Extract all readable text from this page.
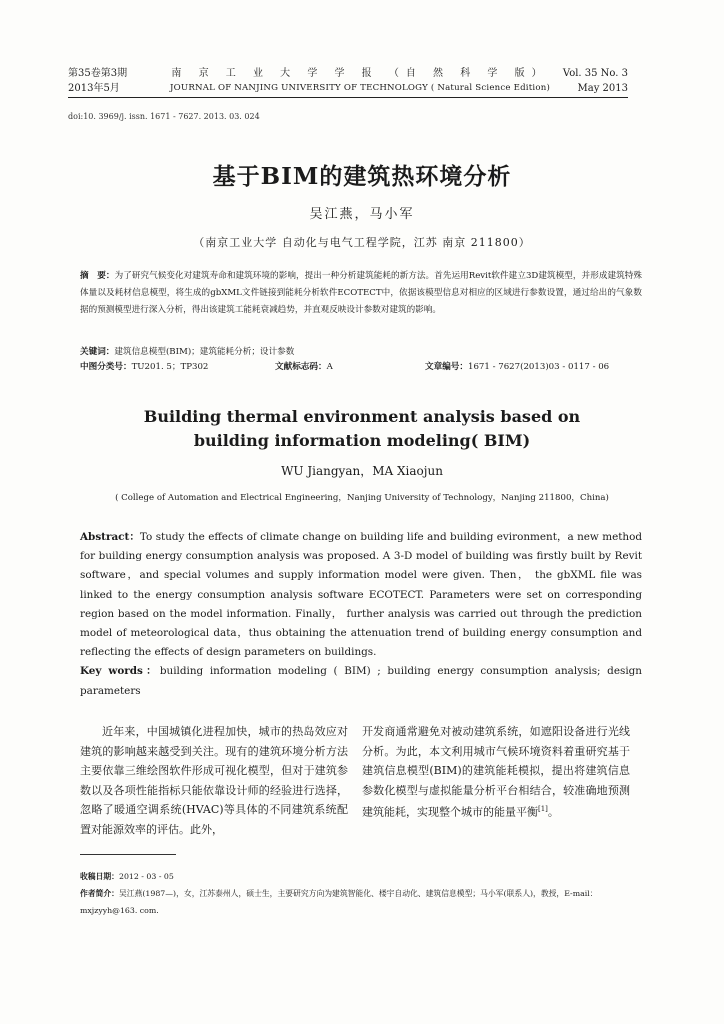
第35卷第3期
2013年5月
南 京 工 业 大 学 学 报 （自 然 科 学 版）
JOURNAL OF NANJING UNIVERSITY OF TECHNOLOGY ( Natural Science Edition)
Vol. 35 No. 3
May 2013
doi:10. 3969/j. issn. 1671 - 7627. 2013. 03. 024
基于BIM的建筑热环境分析
吴江燕，马小军
（南京工业大学 自动化与电气工程学院，江苏 南京 211800）
摘　要：为了研究气候变化对建筑寿命和建筑环境的影响，提出一种分析建筑能耗的新方法。首先运用Revit软件建立3D建筑模型，并形成建筑特殊体量以及耗材信息模型，将生成的gbXML文件链接到能耗分析软件ECOTECT中，依据该模型信息对相应的区域进行参数设置，通过给出的气象数据的预测模型进行深入分析，得出该建筑工能耗衰减趋势，并直观反映设计参数对建筑的影响。
关键词：建筑信息模型(BIM)；建筑能耗分析；设计参数
中图分类号：TU201. 5；TP302	文献标志码：A	文章编号：1671 - 7627(2013)03 - 0117 - 06
Building thermal environment analysis based on
building information modeling( BIM)
WU Jiangyan，MA Xiaojun
( College of Automation and Electrical Engineering，Nanjing University of Technology，Nanjing 211800，China)
Abstract：To study the effects of climate change on building life and building evironment，a new method for building energy consumption analysis was proposed. A 3-D model of building was firstly built by Revit software，and special volumes and supply information model were given. Then， the gbXML file was linked to the energy consumption analysis software ECOTECT. Parameters were set on corresponding region based on the model information. Finally， further analysis was carried out through the prediction model of meteorological data，thus obtaining the attenuation trend of building energy consumption and reflecting the effects of design parameters on buildings.
Key words：building information modeling ( BIM) ; building energy consumption analysis; design parameters
近年来，中国城镇化进程加快，城市的热岛效应对建筑的影响越来越受到关注。现有的建筑环境分析方法主要依靠三维绘图软件形成可视化模型，但对于建筑参数以及各项性能指标只能依靠设计师的经验进行选择，忽略了暖通空调系统(HVAC)等具体的不同建筑系统配置对能源效率的评估。此外，
开发商通常避免对被动建筑系统，如遮阳设备进行光线分析。为此，本文利用城市气候环境资料着重研究基于建筑信息模型(BIM)的建筑能耗模拟，提出将建筑信息参数化模型与虚拟能量分析平台相结合，较准确地预测建筑能耗，实现整个城市的能量平衡[1]。
收稿日期：2012 - 03 - 05
作者简介：吴江燕(1987—)，女，江苏泰州人，硕士生，主要研究方向为建筑智能化、楼宇自动化、建筑信息模型；马小军(联系人)，教授，E-mail：mxjzyyh@163. com.
